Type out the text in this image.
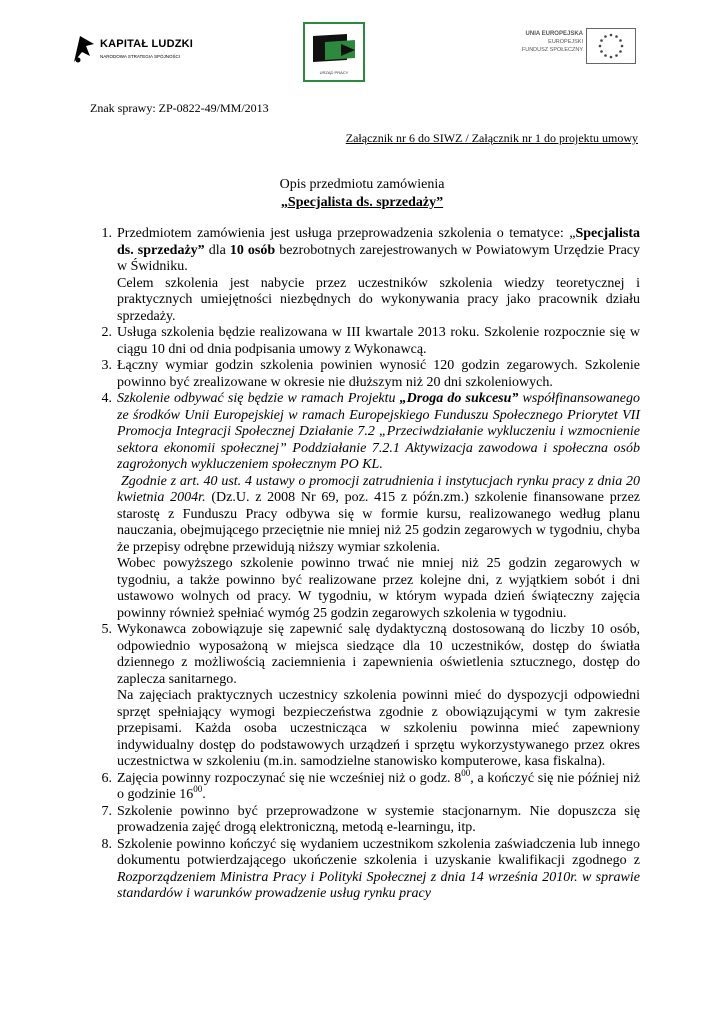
KAPITAŁ LUDZKI
NARODOWA STRATEGIA SPÓJNOŚCI
URZĄD PRACY
UNIA EUROPEJSKA
EUROPEJSKI
FUNDUSZ SPOŁECZNY
Znak sprawy: ZP-0822-49/MM/2013
Załącznik nr 6 do SIWZ / Załącznik nr 1 do projektu umowy
Opis przedmiotu zamówienia
„Specjalista ds. sprzedaży”
1. Przedmiotem zamówienia jest usługa przeprowadzenia szkolenia o tematyce: „Specjalista ds. sprzedaży” dla 10 osób bezrobotnych zarejestrowanych w Powiatowym Urzędzie Pracy w Świdniku.

Celem szkolenia jest nabycie przez uczestników szkolenia wiedzy teoretycznej i praktycznych umiejętności niezbędnych do wykonywania pracy jako pracownik działu sprzedaży.

2. Usługa szkolenia będzie realizowana w III kwartale 2013 roku. Szkolenie rozpocznie się w ciągu 10 dni od dnia podpisania umowy z Wykonawcą.

3. Łączny wymiar godzin szkolenia powinien wynosić 120 godzin zegarowych. Szkolenie powinno być zrealizowane w okresie nie dłuższym niż 20 dni szkoleniowych.

4. Szkolenie odbywać się będzie w ramach Projektu „Droga do sukcesu” współfinansowanego ze środków Unii Europejskiej w ramach Europejskiego Funduszu Społecznego Priorytet VII Promocja Integracji Społecznej Działanie 7.2 „Przeciwdziałanie wykluczeniu i wzmocnienie sektora ekonomii społecznej” Poddziałanie 7.2.1 Aktywizacja zawodowa i społeczna osób zagrożonych wykluczeniem społecznym PO KL.

Zgodnie z art. 40 ust. 4 ustawy o promocji zatrudnienia i instytucjach rynku pracy z dnia 20 kwietnia 2004r. (Dz.U. z 2008 Nr 69, poz. 415 z późn.zm.) szkolenie finansowane przez starostę z Funduszu Pracy odbywa się w formie kursu, realizowanego według planu nauczania, obejmującego przeciętnie nie mniej niż 25 godzin zegarowych w tygodniu, chyba że przepisy odrębne przewidują niższy wymiar szkolenia.

Wobec powyższego szkolenie powinno trwać nie mniej niż 25 godzin zegarowych w tygodniu, a także powinno być realizowane przez kolejne dni, z wyjątkiem sobót i dni ustawowo wolnych od pracy. W tygodniu, w którym wypada dzień świąteczny zajęcia powinny również spełniać wymóg 25 godzin zegarowych szkolenia w tygodniu.

5. Wykonawca zobowiązuje się zapewnić salę dydaktyczną dostosowaną do liczby 10 osób, odpowiednio wyposażoną w miejsca siedzące dla 10 uczestników, dostęp do światła dziennego z możliwością zaciemnienia i zapewnienia oświetlenia sztucznego, dostęp do zaplecza sanitarnego.

Na zajęciach praktycznych uczestnicy szkolenia powinni mieć do dyspozycji odpowiedni sprzęt spełniający wymogi bezpieczeństwa zgodnie z obowiązującymi w tym zakresie przepisami. Każda osoba uczestnicząca w szkoleniu powinna mieć zapewniony indywidualny dostęp do podstawowych urządzeń i sprzętu wykorzystywanego przez okres uczestnictwa w szkoleniu (m.in. samodzielne stanowisko komputerowe, kasa fiskalna).

6. Zajęcia powinny rozpoczynać się nie wcześniej niż o godz. $8^{00}$, a kończyć się nie później niż o godzinie $16^{00}$.

7. Szkolenie powinno być przeprowadzone w systemie stacjonarnym. Nie dopuszcza się prowadzenia zajęć drogą elektroniczną, metodą e-learningu, itp.

8. Szkolenie powinno kończyć się wydaniem uczestnikom szkolenia zaświadczenia lub innego dokumentu potwierdzającego ukończenie szkolenia i uzyskanie kwalifikacji zgodnego z Rozporządzeniem Ministra Pracy i Polityki Społecznej z dnia 14 września 2010r. w sprawie standardów i warunków prowadzenie usług rynku pracy
